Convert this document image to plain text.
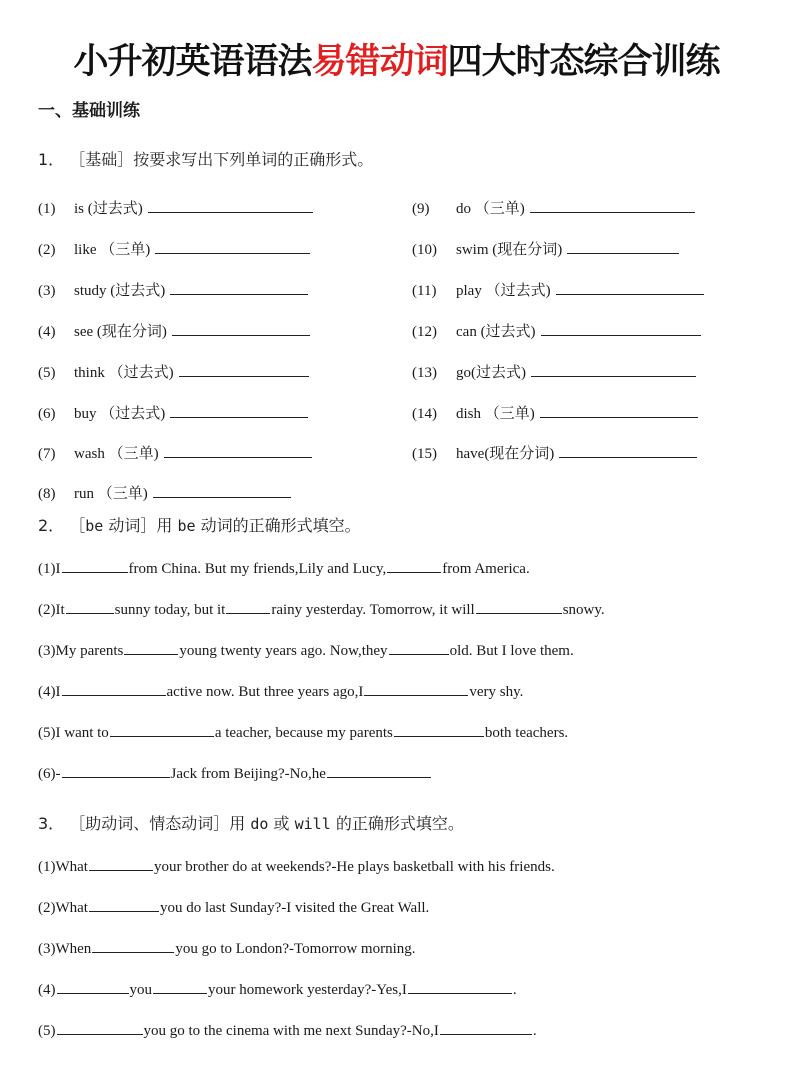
小升初英语语法易错动词四大时态综合训练
一、基础训练
1． ［基础］按要求写出下列单词的正确形式。
(1)	is (过去式)
(2)	like （三单)
(3)	study (过去式)
(4)	see (现在分词)
(5)	think （过去式)
(6)	buy （过去式)
(7)	wash （三单)
(8)	run （三单)
(9)	do （三单)
(10)	swim (现在分词)
(11)	play （过去式)
(12)	can (过去式)
(13)	go(过去式)
(14)	dish （三单)
(15)	have(现在分词)
2． ［be 动词］用 be 动词的正确形式填空。
(1)I	from China. But my friends,Lily and Lucy,	from America.
(2)It	sunny today, but it	rainy yesterday. Tomorrow, it will	snowy.
(3)My parents	young twenty years ago. Now,they	old. But I love them.
(4)I	active now. But three years ago,I	very shy.
(5)I want to	a teacher, because my parents	both teachers.
(6)-	Jack from Beijing?-No,he
3． ［助动词、情态动词］用 do 或 will 的正确形式填空。
(1)What	your brother do at weekends?-He plays basketball with his friends.
(2)What	you do last Sunday?-I visited the Great Wall.
(3)When	you go to London?-Tomorrow morning.
(4)	you	your homework yesterday?-Yes,I	.
(5)	you go to the cinema with me next Sunday?-No,I	.
